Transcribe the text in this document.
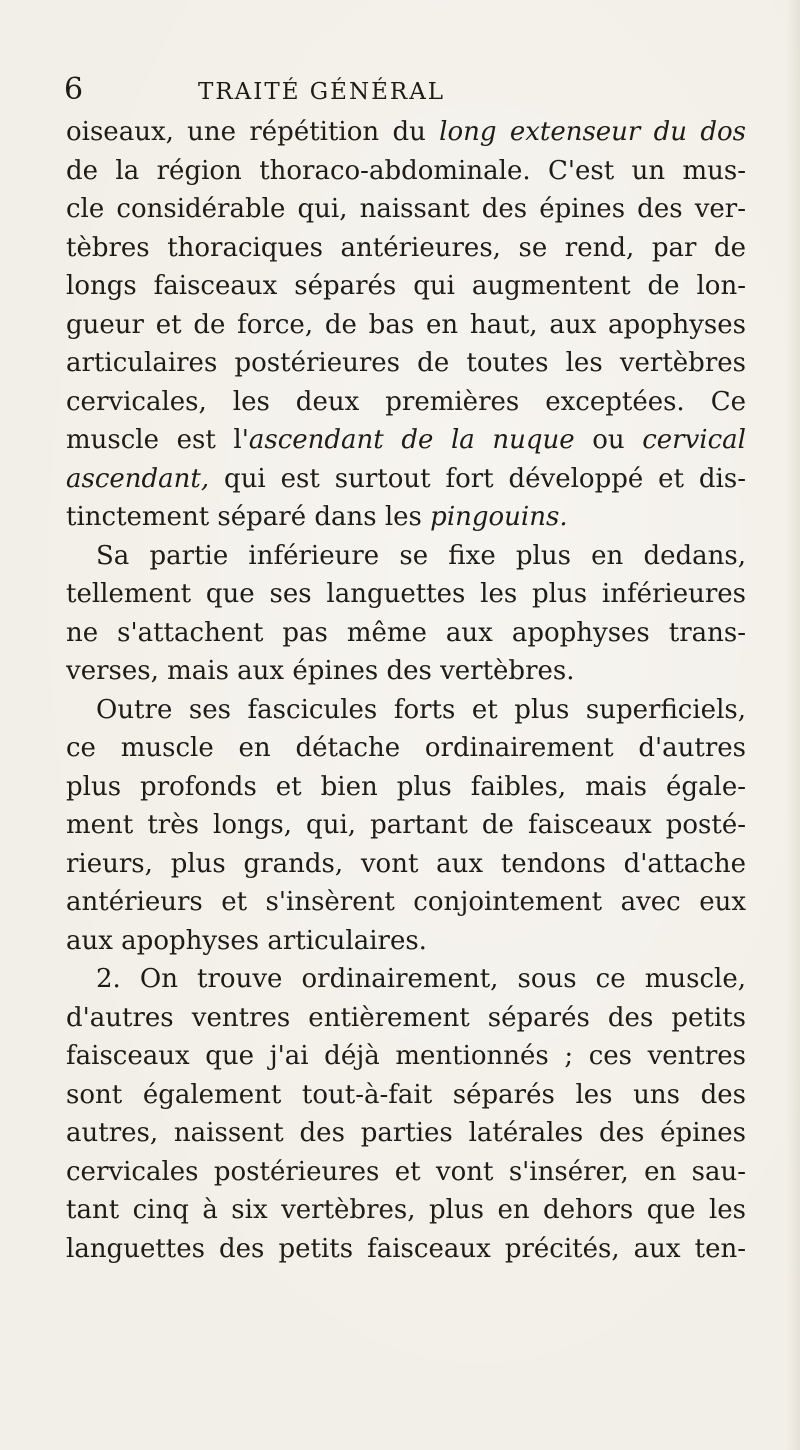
6	TRAITÉ GÉNÉRAL
oiseaux, une répétition du long extenseur du dos
de la région thoraco-abdominale. C'est un mus-
cle considérable qui, naissant des épines des ver-
tèbres thoraciques antérieures, se rend, par de
longs faisceaux séparés qui augmentent de lon-
gueur et de force, de bas en haut, aux apophyses
articulaires postérieures de toutes les vertèbres
cervicales, les deux premières exceptées. Ce
muscle est l'ascendant de la nuque ou cervical
ascendant, qui est surtout fort développé et dis-
tinctement séparé dans les pingouins.
Sa partie inférieure se fixe plus en dedans,
tellement que ses languettes les plus inférieures
ne s'attachent pas même aux apophyses trans-
verses, mais aux épines des vertèbres.
Outre ses fascicules forts et plus superficiels,
ce muscle en détache ordinairement d'autres
plus profonds et bien plus faibles, mais égale-
ment très longs, qui, partant de faisceaux posté-
rieurs, plus grands, vont aux tendons d'attache
antérieurs et s'insèrent conjointement avec eux
aux apophyses articulaires.
2. On trouve ordinairement, sous ce muscle,
d'autres ventres entièrement séparés des petits
faisceaux que j'ai déjà mentionnés ; ces ventres
sont également tout-à-fait séparés les uns des
autres, naissent des parties latérales des épines
cervicales postérieures et vont s'insérer, en sau-
tant cinq à six vertèbres, plus en dehors que les
languettes des petits faisceaux précités, aux ten-
